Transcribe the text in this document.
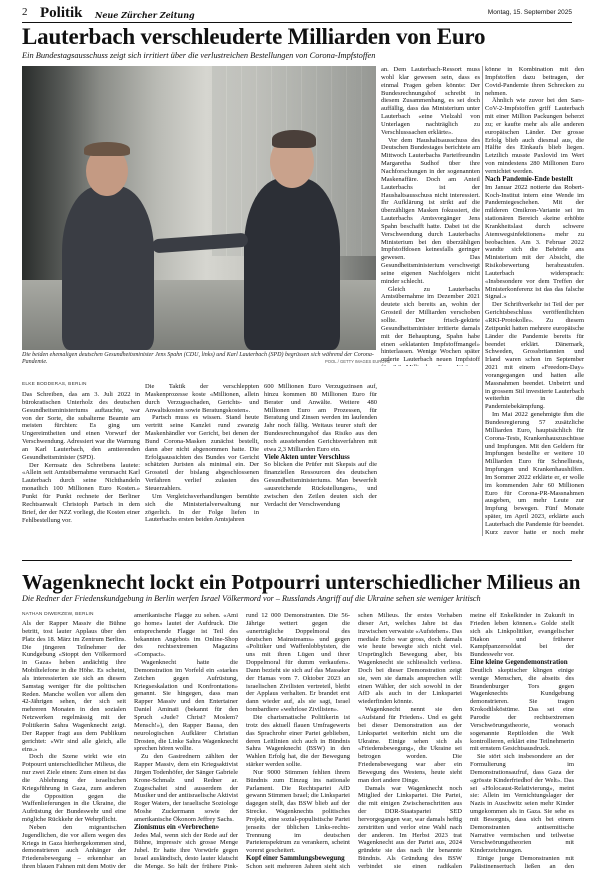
2 Politik Neue Zürcher Zeitung	Montag, 15. September 2025
Lauterbach verschleuderte Milliarden von Euro
Ein Bundestagsausschuss zeigt sich irritiert über die verlustreichen Bestellungen von Corona-Impfstoffen
Die beiden ehemaligen deutschen Gesundheitsminister Jens Spahn (CDU, links) und Karl Lauterbach (SPD) begrüssen sich während der Corona-Pandemie.	POOL / GETTY IMAGES EUROPE

an. Dem Lauterbach-Ressort muss wohl klar gewesen sein, dass es einmal Fragen geben könnte: Der Bundesrechnungshof schreibt in diesem Zusammenhang, es sei doch auffällig, dass das Ministerium unter Lauterbach «eine Vielzahl von Unterlagen nachträglich zu Verschlusssachen erklärte».

Vor dem Haushaltsausschuss des Deutschen Bundestages berichtete am Mittwoch Lauterbachs Parteifreundin Margaretha Sudhof über ihre Nachforschungen in der sogenannten Maskenaffäre. Doch am Anteil Lauterbachs ist der Haushaltsausschuss nicht interessiert. Ihr Aufklärung ist strikt auf die überzähligen Masken fokussiert, die Lauterbachs Amtsvorgänger Jens Spahn beschafft hatte. Dabei ist die Verschwendung durch Lauterbachs Ministerium bei den überzähligen Impfstoffdosen keinesfalls geringer gewesen. Das Gesundheitsministerium verschweigt seine eigenen Nachfolgers nicht minder schlecht.

Gleich zu Lauterbachs Amtsübernahme im Dezember 2021 deutete sich bereits an, wohin der Grosteil der Milliarden verschoben sollte. Der frisch-gekürte Gesundheitsminister irritierte damals mit der Behauptung, Spahn habe einen «eklatanten Impfstoffmangel» hinterlassen. Wenige Wochen später orderte Lauterbach neuen Impfstoff

könne in Kombination mit den Impfstoffen dazu beitragen, der Covid-Pandemie ihren Schrecken zu nehmen.

Ähnlich wie zuvor bei den Sars-CoV-2-Impfstoffen griff Lauterbach mit einer Million Packungen beherzt zu; er kaufte mehr als alle anderen europäischen Länder. Der grosse Erfolg blieb auch diesmal aus, die Hälfte des Einkaufs blieb liegen. Letztlich musste Paxlovid im Wert von mindestens 280 Millionen Euro vernichtet werden.

Nach Pandemie-Ende bestellt

Im Januar 2022 notierte das Robert-Koch-Institut intern eine Wende im Pandemiegeschehen. Mit der milderen Omikron-Variante sei im stationären Bereich «keine erhöhte Krankheitslast durch schwere Atemwegsinfektionen» mehr zu beobachten. Am 3. Februar 2022 wandte sich die Behörde ans Ministerium mit der Absicht, die Risikobewertung herabzustufen. Lauterbach widersprach: «Insbesondere vor dem Treffen der Ministerkonferenz ist das das falsche Signal.»

Der Schriftverkehr ist Teil der per Gerichtsbeschluss veröffentlichten «RKI-Protokolle». Zu diesem Zeitpunkt hatten mehrere europäische Länder die Pandemie bereits für beendet erklärt. Dänemark, Schweden, Grossbritannien und Irland waren schon im September 2021 mit einem «Freedom-Day» vorangegangen und hatten alle Massnahmen beendet. Unbeirrt und in grossem Stil investierte Lauterbach weiterhin in die Pandemiebekämpfung.

Im Mai 2022 genehmigte ihm die Bundesregierung 57 zusätzliche Milliarden Euro, hauptsächlich für Corona-Tests, Krankenhauszuschüsse und Impfungen. Mit den Geldern für Impfungen bestellte er weitere 10 Milliarden Euro für Schnelltests, Impfungen und Krankenhaushilfen. Im Sommer 2022 erklärte er, er wolle im kommenden Jahr 60 Millionen Euro für Corona-PR-Massnahmen ausgeben, um mehr Leute zur Impfung bewegen. Fünf Monate später, im April 2023, erklärte auch Lauterbach die Pandemie für beendet. Kurz zuvor hatte er noch mehr

ELKE BODDERAS, BERLIN

Das Schreiben, das am 3. Juli 2022 in bürokratischen Unterholz des deutschen Gesundheitsministeriums auftauchte, war von der Sorte, die subalterne Beamte am meisten fürchten: Es ging um Ungereimtheiten und einen Vorwurf der Verschwendung. Adressiert war die Warnung an Karl Lauterbach, den amtierenden Gesundheitsminister (SPD).

Der Kernsatz des Schreibens lautete: «Allein seit Amtsübernahme verursacht Karl Lauterbach durch seine Nichthandeln monatlich 100 Millionen Euro Kosten.» Punkt für Punkt rechnete der Berliner Rechtsanwalt Christoph Partsch in dem Brief, der der NZZ vorliegt, die Kosten einer Fehlbestellung vor.

Die Taktik der verschleppten Maskenprozesse koste «Millionen, allein durch Verzugsschaden, Gerichts- und Anwaltskosten sowie Beratungskosten».

Partsch muss es wissen. Stand heute vertritt seine Kanzlei rund zwanzig Maskenhändler vor Gericht, bei denen der Bund Corona-Masken zunächst bestellt, dann aber nicht abgenommen hatte. Die Erfolgsaussichten des Bundes vor Gericht schätzten Juristen als minimal ein. Der Grossteil der bislang abgeschlossenen Verfahren verlief zulasten des Steuerzahlers.

Um Vergleichsverhandlungen bemühte sich die Ministerialverwaltung nur zögerlich. In der Folge liefen in Lauterbachs ersten beiden Amtsjahren

600 Millionen Euro Verzugszinsen auf, hinzu kommen 80 Millionen Euro für Berater und Anwälte. Weitere 480 Millionen Euro am Prozessen, für Beratung und Zinsen werden im laufenden Jahr noch fällig. Weitaus teurer stuft der Bundesrechnungshof das Risiko aus den noch ausstehenden Gerichtsverfahren mit etwa 2,3 Milliarden Euro ein.

Viele Akten unter Verschluss

So blicken die Prüfer mit Skepsis auf die finanziellen Ressourcen des deutschen Gesundheitsministeriums. Man bewerfelt «ausreichende Rückstellungen», und zwischen den Zeilen deuten sich der Verdacht der Verschwendung

Wagenknecht lockt ein Potpourri unterschiedlicher Milieus an
Die Redner der Friedenskundgebung in Berlin werfen Israel Völkermord vor – Russlands Angriff auf die Ukraine sehen sie weniger kritisch
NATHAN DIWERZEW, BERLIN

Als der Rapper Massiv die Bühne betritt, tost lauter Applaus über den Platz des 18. März im Zentrum Berlins. Die jüngeren Teilnehmer der Kundgebung «Stoppt den Völkermord in Gaza» heben andächtig ihre Mobiltelefone in die Höhe. Es scheint, als interessierten sie sich an diesem Samstag weniger für die politischen Reden. Manche wollen vor allem den 42-Jährigen sehen, der sich seit mehreren Monaten in den sozialen Netzwerken regelmässig mit der Politikerin Sahra Wagenknecht zeigt. Der Rapper fragt aus dem Publikum gerichtet: «Wir sind alle gleich, alle eins.»

Doch die Szene wirkt wie ein Potpourri unterschiedlicher Milieus, die nur zwei Ziele einen: Zum einen ist das die Ablehnung der israelischen Kriegsführung in Gaza, zum anderen die Opposition gegen die Waffenlieferungen in die Ukraine, die Aufrüstung der Bundeswehr und eine mögliche Rückkehr der Wehrpflicht.

Neben den migrantischen Jugendlichen, die vor allem wegen des Kriegs in Gaza hierhergekommen sind, demonstrieren auch Anhänger der Friedensbewegung – erkennbar an ihren blauen Fahnen mit dem Motiv der

amerikanische Flagge zu sehen. «Ami go home» lautet der Aufdruck. Die entsprechende Flagge ist Teil des bekannten Angebots im Online-Shop des rechtsextremen Magazins «Compact».

Wagenknecht hatte die Demonstration im Vorfeld ein «starkes Zeichen gegen Aufrüstung, Kriegseskalation und Konfrontation» genannt. Sie hingegen, dass man Rapper Massiv und den Entertainer Daniel Aminati (bekannt für den Spruch «Jude? Christ? Moslem? Mensch!»), den Rapper Bausa, den neurologischen Aufklärer Christian Drosten, die Linke Sahra Wagenknecht sprechen hören wollte.

Zu den Gastrednern zählten der Rapper Massiv, dem ein Kriegsaktivist Jürgen Todenhöfer, der Sänger Gabriele Krone-Schmalz und Redner ar. Zugeschaltet sind ausserdem der Musiker und der antiisraelische Aktivist Roger Waters, der israelische Soziologe Moshe Zuckermann sowie der amerikanische Ökonom Jeffrey Sachs.

Zionismus ein «Verbrechen»

Jedes Mal, wenn sich der Rede auf der Bühne, impressiv sich grosse Menge Jubel. Er hatte ihre Vorwürfe gegen Israel ausländisch, desto lauter klatscht die Menge. So hält der frühere Pink-

rund 12 000 Demonstranten. Die 56-Jährige wettert gegen die «unerträgliche Doppelmoral des deutschen Mainstreams» und gegen «Politiker und Waffenlobbyisten, die uns mit ihren Lügen und ihrer Doppelmoral für dumm verkaufen». Dann bezieht sie sich auf das Massaker der Hamas vom 7. Oktober 2023 an israelischen Zivilisten vertreteil, bleibt der Applaus verhalten. Er brandet erst dann wieder auf, als sie sagt, Israel bombardiere «wehrlose Zivilisten».

Die charismatische Politikerin ist trotz des aktuell flauen Umfragewerts das Sprachrohr einer Partei geblieben, deren Leitlinien sich auch in Bündnis Sahra Wagenknecht (BSW) in den Wahlen Erfolg hat, die der Bewegung stärker werden sollte.

Nur 9000 Stimmen fehlten ihrem Bündnis zum Einzug ins nationale Parlament. Die Rechtspartei AfD gewann Stimmen Israel; die Linkspartei dagegen stellt, das BSW blieb auf der Strecke. Wagenknechts politisches Projekt, eine sozial-populistische Partei jenseits der üblichen Links-rechts-Trennung im deutschen Parteienspektrum zu verankern, scheint vorerst gescheitert.

Kopf einer Sammlungsbewegung

Schon seit mehreren Jahren sieht sich

schen Milieus. Ihr erstes Vorhaben dieser Art, welches Jahre ist das inzwischen verwaiste «Aufstehen». Das mediale Echo war gross, doch damals wie heute bewegte sich nicht viel. Ursprünglich Bewegung aber, bis Wagenknecht sie schliesslich verliess. Doch bei dieser Demonstration zeigt sie, wen sie damals ansprechen will: einen Wähler, der sich sowohl in der AfD als auch in der Linkspartei wiederfinden könnte.

Wagenknecht nennt sie den «Aufstand für Frieden». Und es geht bei dieser Demonstration aus der Linkspartei weiterhin nicht um die Ukraine. Einige sehen sich als «Friedensbewegung», die Ukraine sei betrogen worden. Die Friedensbewegung war aber ein Bewegung des Westens, heute sieht man dort andere Dinge.

Damals war Wagenknecht noch Mitglied der Linkspartei. Die Partei, die mit einigen Zwischenschritten aus der DDR-Staatspartei SED hervorgegangen war, war damals heftig zerstritten und verlor eine Wahl nach der anderen. Im Herbst 2023 trat Wagenknecht aus der Partei aus, 2024 gründete sie das nach ihr benannte Bündnis. Als Gründung des BSW verbindet sie einen radikalen

meine elf Enkelkinder in Zukunft in Frieden leben können.» Golde stellt sich als Linkpolitiker, evangelischer Diakon und früherer Kampfpanzersoldat bei der Bundeswehr vor.

Eine kleine Gegendemonstration

Deutlich skeptischer klingen einige wenige Menschen, die abseits des Brandenburger Tors gegen Wagenknechts Kundgebung demonstrieren. Sie tragen Krokodilsköstüme. Das sei eine Parodie der rechtsextremen Verschwörungstheorie, wonach sogenannte Reptiloiden die Welt kontrollieren, erklärt eine Teilnehmerin mit ernstem Gesichtsausdruck.

Sie stört sich insbesondere an der Formulierung im Demonstrationsaufruf, dass Gaza der «grösste Kinderfriedhof der Welt». Das sei «Holocaust-Relativierung», meint sie: Allein im Vernichtungslager der Nazis in Auschwitz seien mehr Kinder umgekommen als in Gaza. Sie sehe es mit Besorgnis, dass sich bei einem Demonstranten antisemitische Narrative vermischen und teilweise Verschwörungstheorien mit Kinderzeichnungen.

Einige junge Demonstranten mit Palästinensertuch ließen an den
